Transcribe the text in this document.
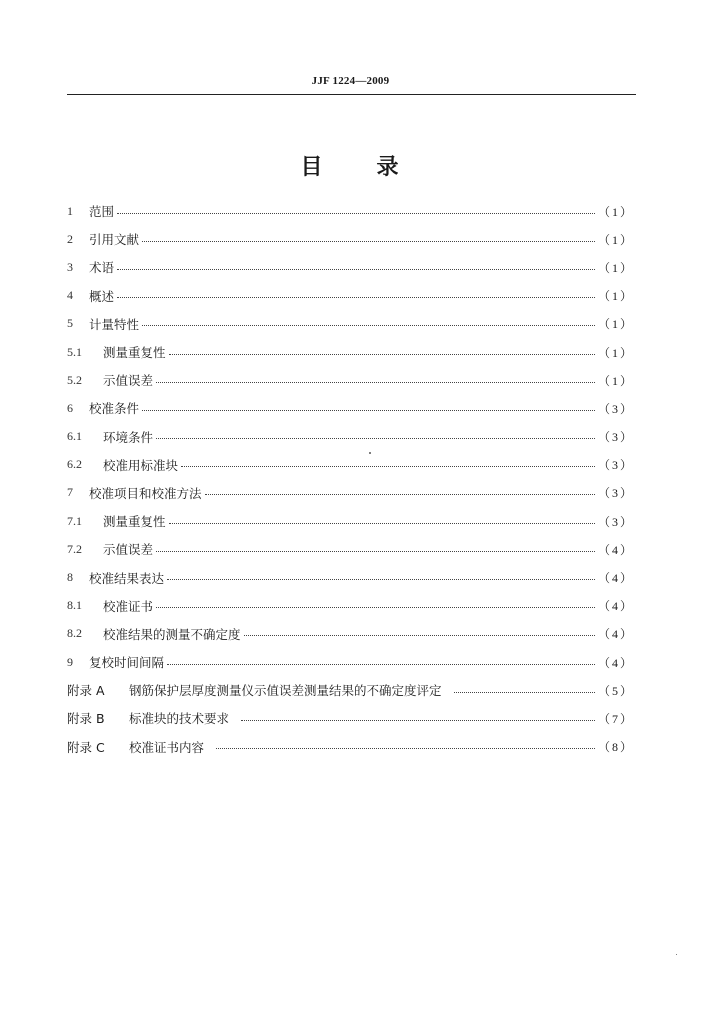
JJF 1224—2009
目 录
1	范围	（1）
2	引用文献	（1）
3	术语	（1）
4	概述	（1）
5	计量特性	（1）
5.1	测量重复性	（1）
5.2	示值误差	（1）
6	校准条件	（3）
6.1	环境条件	（3）
6.2	校准用标准块	（3）
7	校准项目和校准方法	（3）
7.1	测量重复性	（3）
7.2	示值误差	（4）
8	校准结果表达	（4）
8.1	校准证书	（4）
8.2	校准结果的测量不确定度	（4）
9	复校时间间隔	（4）
附录 A	钢筋保护层厚度测量仪示值误差测量结果的不确定度评定	（5）
附录 B	标准块的技术要求	（7）
附录 C	校准证书内容	（8）
